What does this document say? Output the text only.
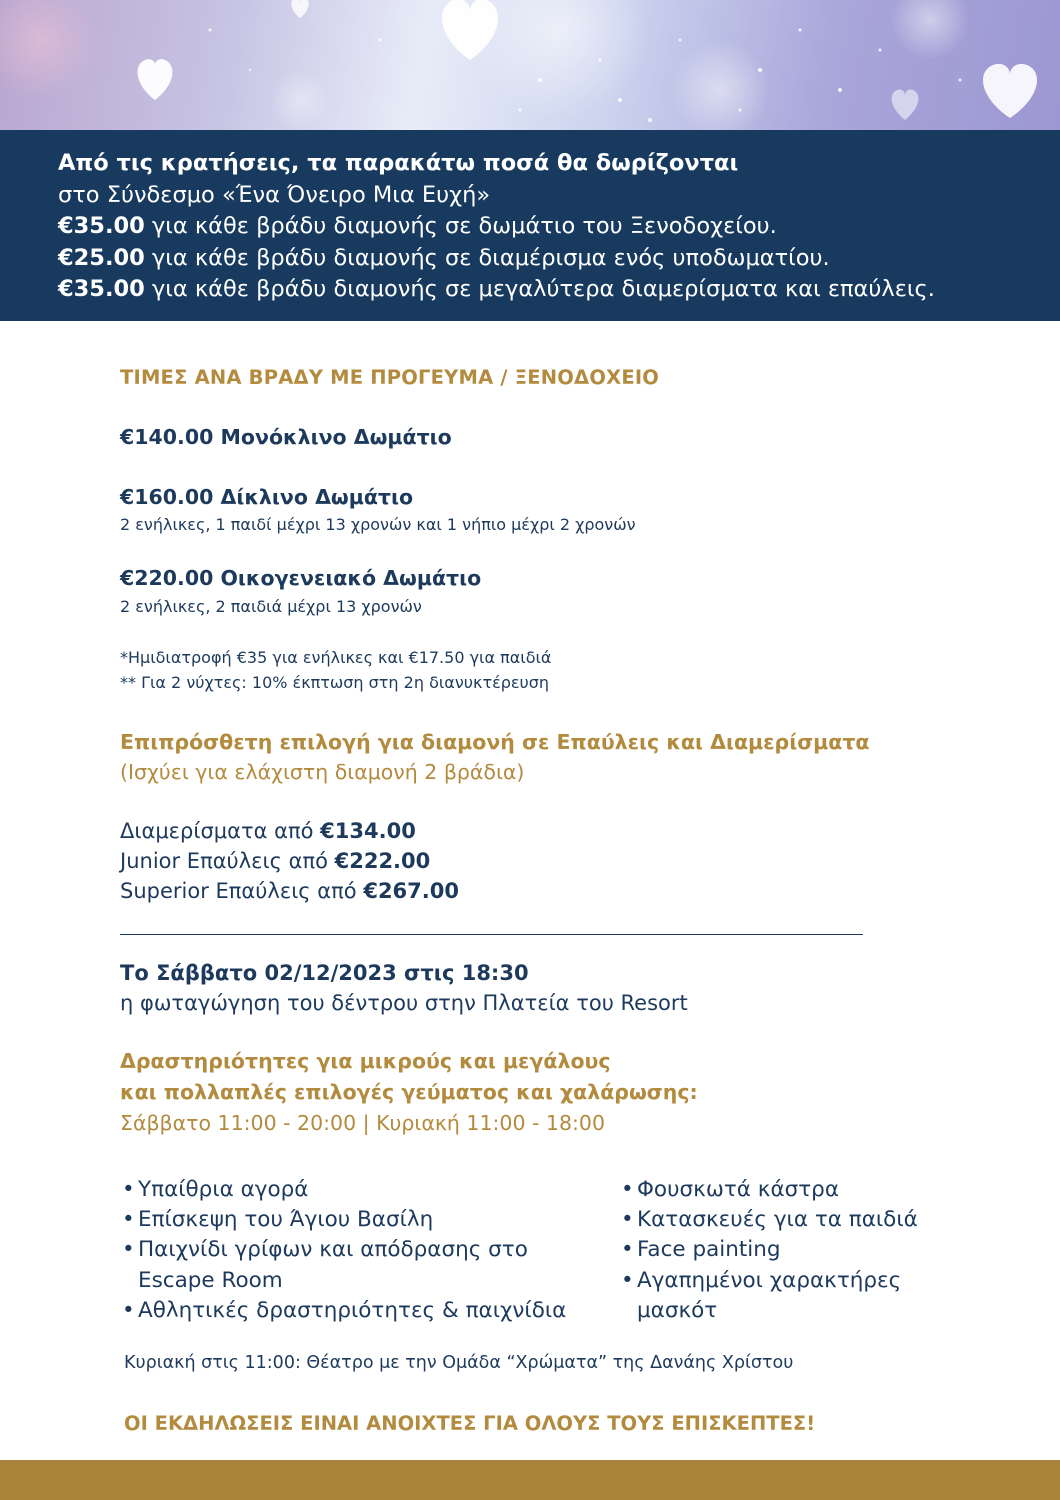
Από τις κρατήσεις, τα παρακάτω ποσά θα δωρίζονται
στο Σύνδεσμο «Ένα Όνειρο Μια Ευχή»
€35.00 για κάθε βράδυ διαμονής σε δωμάτιο του Ξενοδοχείου.
€25.00 για κάθε βράδυ διαμονής σε διαμέρισμα ενός υποδωματίου.
€35.00 για κάθε βράδυ διαμονής σε μεγαλύτερα διαμερίσματα και επαύλεις.
ΤΙΜΕΣ ΑΝΑ ΒΡΑΔΥ ΜΕ ΠΡΟΓΕΥΜΑ / ΞΕΝΟΔΟΧΕΙΟ
€140.00 Μονόκλινο Δωμάτιο
€160.00 Δίκλινο Δωμάτιο
2 ενήλικες, 1 παιδί μέχρι 13 χρονών και 1 νήπιο μέχρι 2 χρονών
€220.00 Οικογενειακό Δωμάτιο
2 ενήλικες, 2 παιδιά μέχρι 13 χρονών
*Ημιδιατροφή €35 για ενήλικες και €17.50 για παιδιά
** Για 2 νύχτες: 10% έκπτωση στη 2η διανυκτέρευση
Επιπρόσθετη επιλογή για διαμονή σε Επαύλεις και Διαμερίσματα
(Ισχύει για ελάχιστη διαμονή 2 βράδια)
Διαμερίσματα από €134.00
Junior Επαύλεις από €222.00
Superior Επαύλεις από €267.00
Το Σάββατο 02/12/2023 στις 18:30
η φωταγώγηση του δέντρου στην Πλατεία του Resort
Δραστηριότητες για μικρούς και μεγάλους
και πολλαπλές επιλογές γεύματος και χαλάρωσης:
Σάββατο 11:00 - 20:00 | Κυριακή 11:00 - 18:00
• Υπαίθρια αγορά
• Επίσκεψη του Άγιου Βασίλη
• Παιχνίδι γρίφων και απόδρασης στο
Escape Room
• Αθλητικές δραστηριότητες & παιχνίδια
• Φουσκωτά κάστρα
• Κατασκευές για τα παιδιά
• Face painting
• Αγαπημένοι χαρακτήρες
μασκότ
Κυριακή στις 11:00: Θέατρο με την Ομάδα “Χρώματα” της Δανάης Χρίστου
ΟΙ ΕΚΔΗΛΩΣΕΙΣ ΕΙΝΑΙ ΑΝΟΙΧΤΕΣ ΓΙΑ ΟΛΟΥΣ ΤΟΥΣ ΕΠΙΣΚΕΠΤΕΣ!
